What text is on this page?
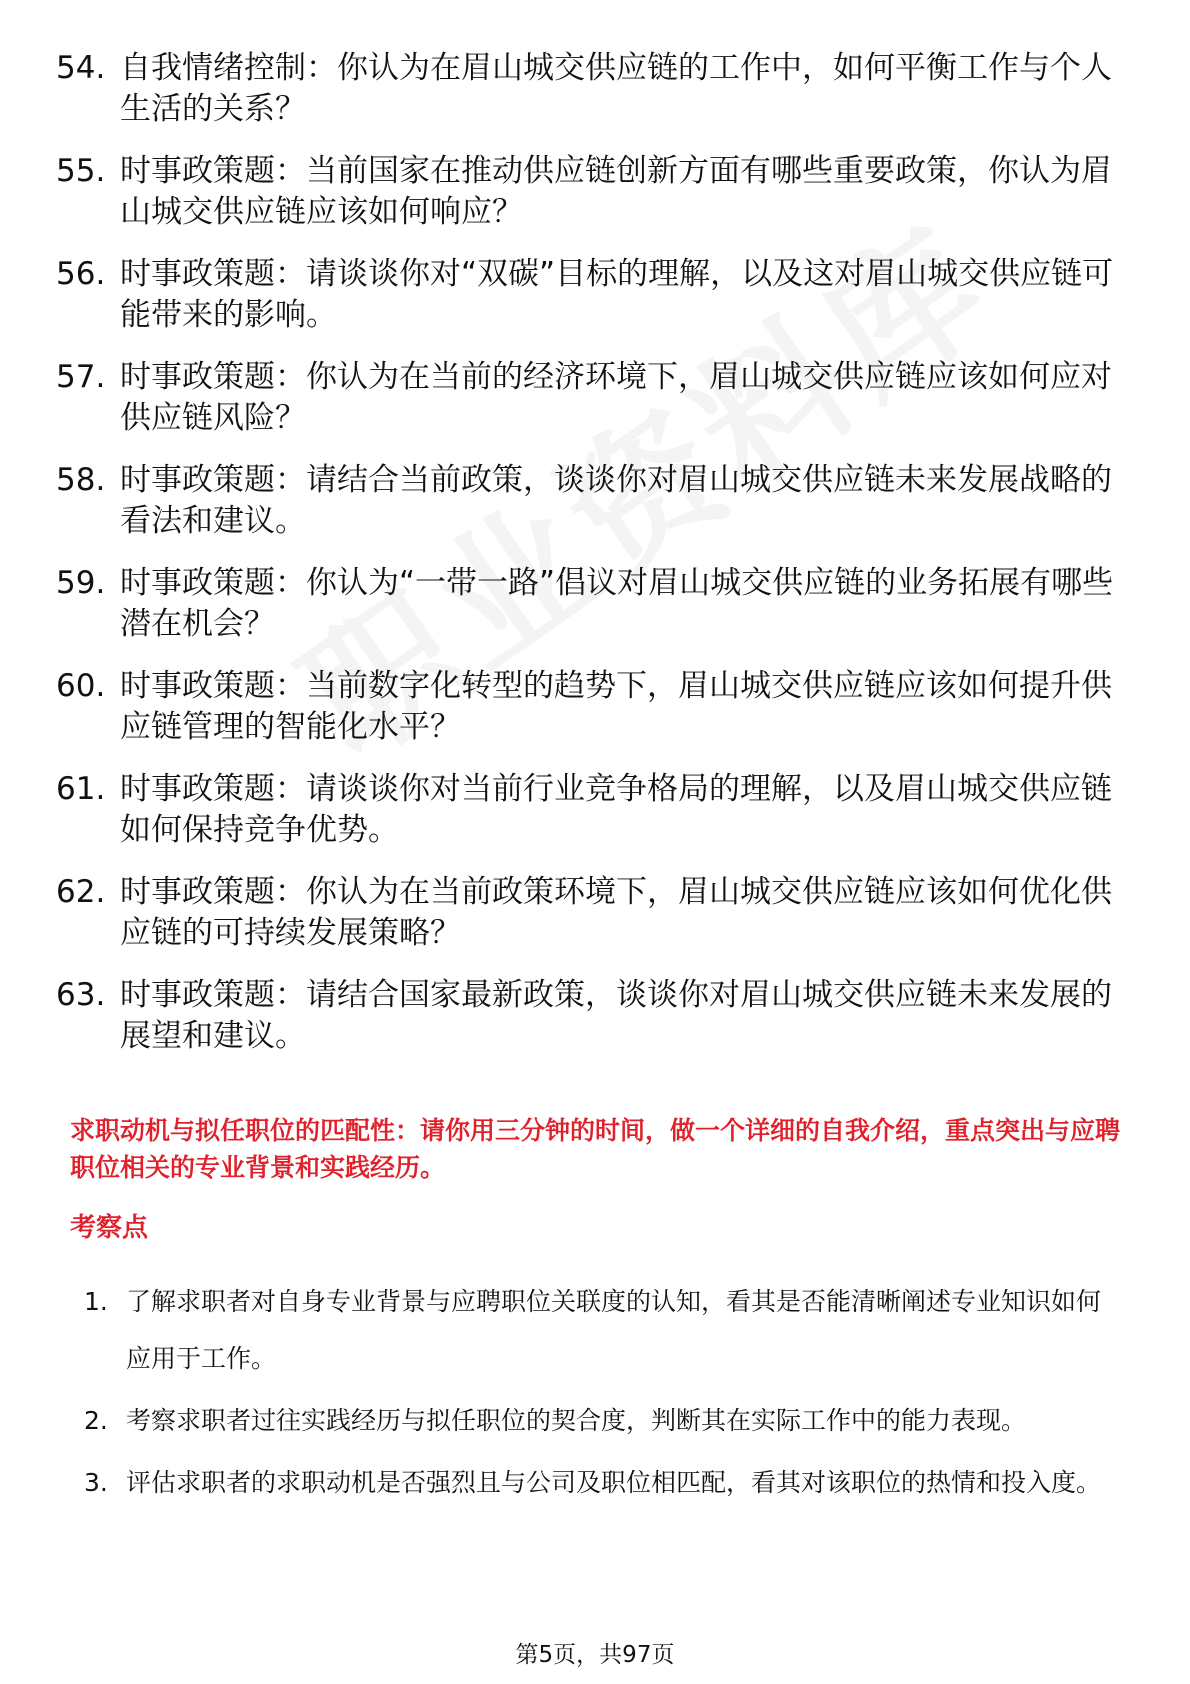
54. 自我情绪控制：你认为在眉山城交供应链的工作中，如何平衡工作与个人生活的关系？
55. 时事政策题：当前国家在推动供应链创新方面有哪些重要政策，你认为眉山城交供应链应该如何响应？
56. 时事政策题：请谈谈你对“双碳”目标的理解，以及这对眉山城交供应链可能带来的影响。
57. 时事政策题：你认为在当前的经济环境下，眉山城交供应链应该如何应对供应链风险？
58. 时事政策题：请结合当前政策，谈谈你对眉山城交供应链未来发展战略的看法和建议。
59. 时事政策题：你认为“一带一路”倡议对眉山城交供应链的业务拓展有哪些潜在机会？
60. 时事政策题：当前数字化转型的趋势下，眉山城交供应链应该如何提升供应链管理的智能化水平？
61. 时事政策题：请谈谈你对当前行业竞争格局的理解，以及眉山城交供应链如何保持竞争优势。
62. 时事政策题：你认为在当前政策环境下，眉山城交供应链应该如何优化供应链的可持续发展策略？
63. 时事政策题：请结合国家最新政策，谈谈你对眉山城交供应链未来发展的展望和建议。
求职动机与拟任职位的匹配性：请你用三分钟的时间，做一个详细的自我介绍，重点突出与应聘职位相关的专业背景和实践经历。
考察点
1. 了解求职者对自身专业背景与应聘职位关联度的认知，看其是否能清晰阐述专业知识如何应用于工作。
2. 考察求职者过往实践经历与拟任职位的契合度，判断其在实际工作中的能力表现。
3. 评估求职者的求职动机是否强烈且与公司及职位相匹配，看其对该职位的热情和投入度。
第5页，共97页
